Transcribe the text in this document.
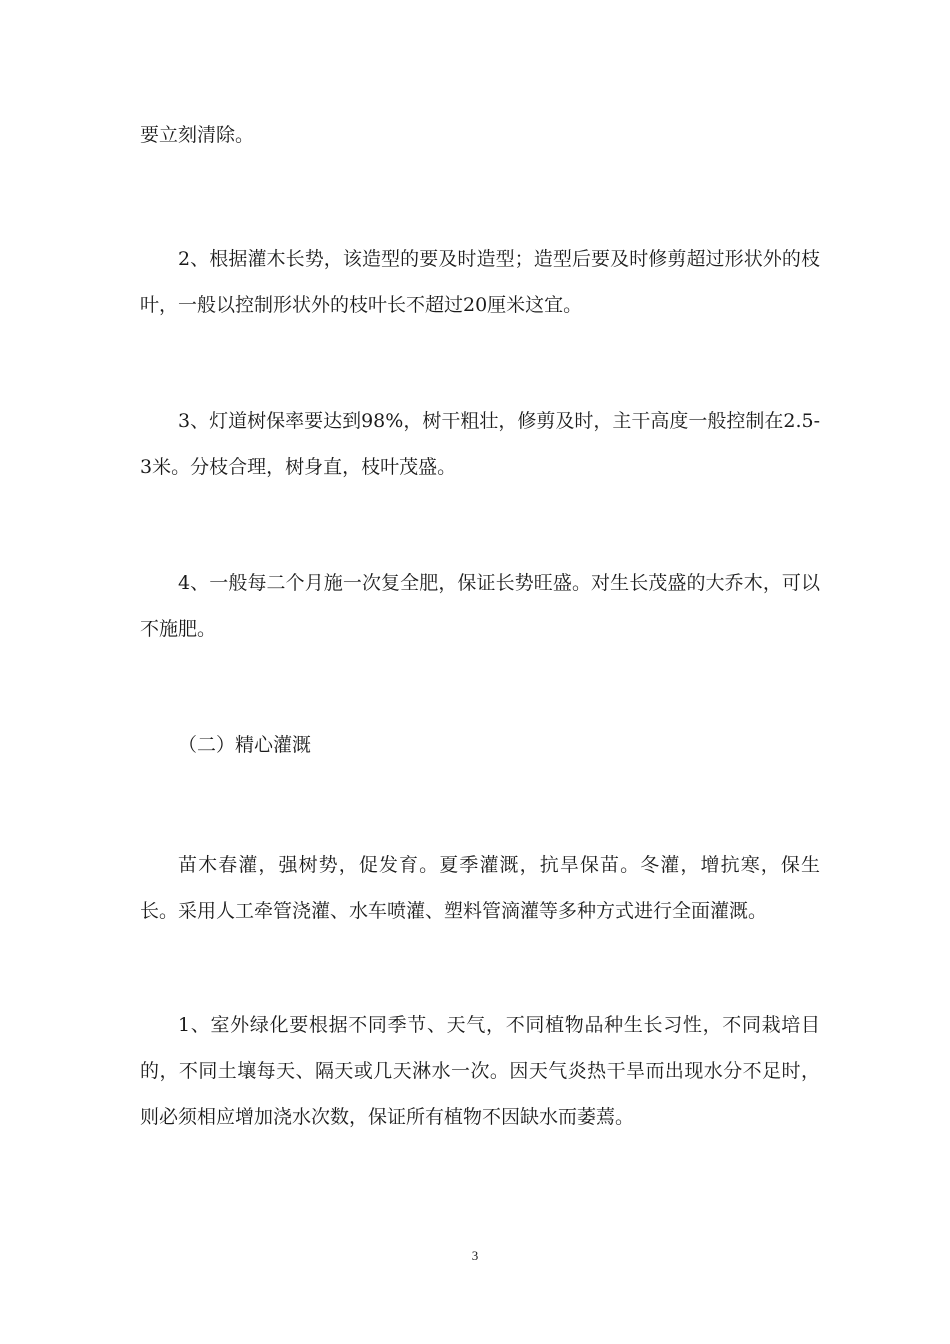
要立刻清除。

2、根据灌木长势，该造型的要及时造型；造型后要及时修剪超过形状外的枝叶，一般以控制形状外的枝叶长不超过20厘米这宜。

3、灯道树保率要达到98%，树干粗壮，修剪及时，主干高度一般控制在2.5-3米。分枝合理，树身直，枝叶茂盛。

4、一般每二个月施一次复全肥，保证长势旺盛。对生长茂盛的大乔木，可以不施肥。

（二）精心灌溉

苗木春灌，强树势，促发育。夏季灌溉，抗旱保苗。冬灌，增抗寒，保生长。采用人工牵管浇灌、水车喷灌、塑料管滴灌等多种方式进行全面灌溉。

1、室外绿化要根据不同季节、天气，不同植物品种生长习性，不同栽培目的，不同土壤每天、隔天或几天淋水一次。因天气炎热干旱而出现水分不足时，则必须相应增加浇水次数，保证所有植物不因缺水而萎蔫。

3
